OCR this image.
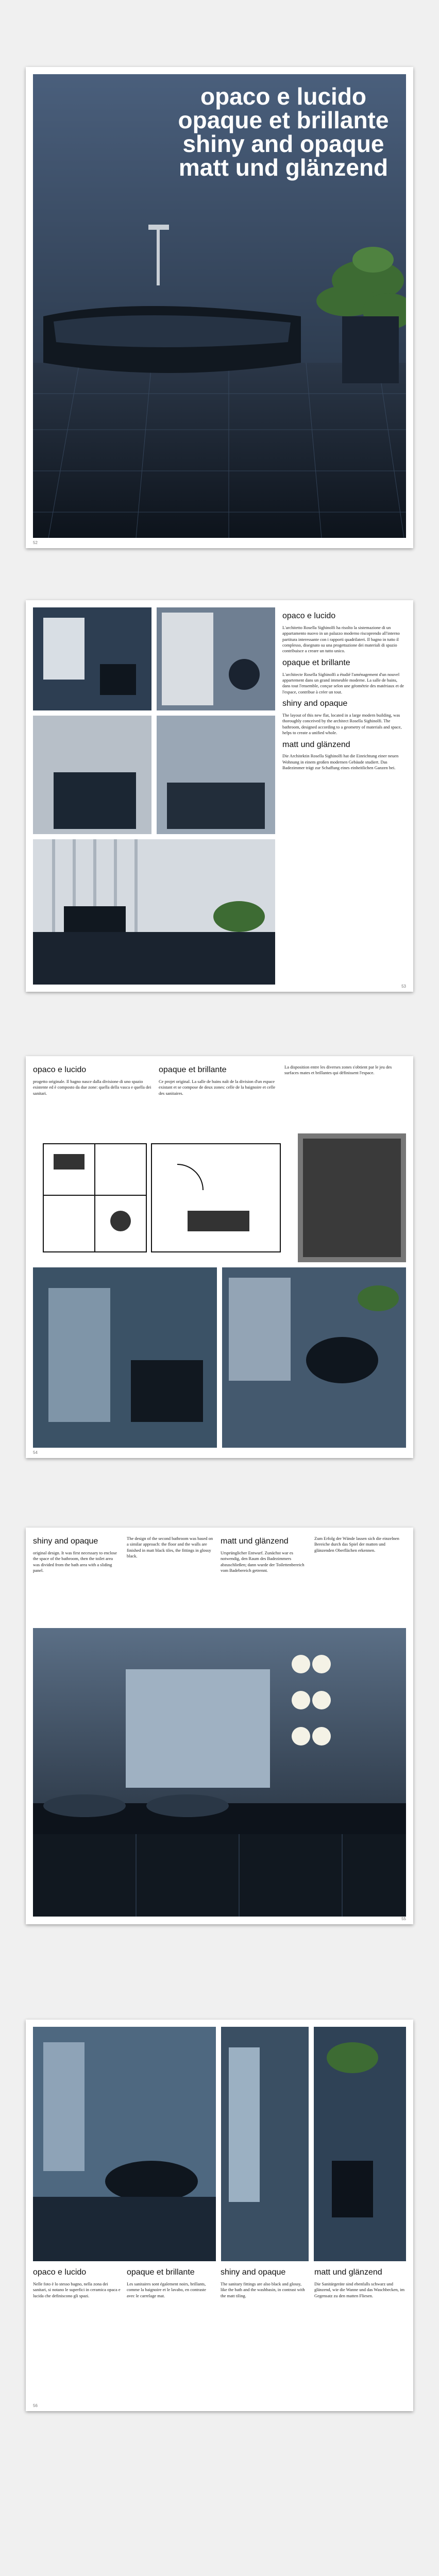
opaco e lucido
opaque et brillante
shiny and opaque
matt und glänzend
52
opaco e lucido

L'architetto Rosella Sighinolfi ha risolto la sistemazione di un appartamento nuovo in un palazzo moderno riscoprendo all'interno partitura interessante con i rapporti quadrilateri. Il bagno in tutto il complesso, disegnato su una progettazione dei materiali di spazio contribuisce a creare un tutto unico.

opaque et brillante

L'architecte Rosella Sighinolfi a étudié l'aménagement d'un nouvel appartement dans un grand immeuble moderne. La salle de bains, dans tout l'ensemble, conçue selon une géométrie des matériaux et de l'espace, contribue à créer un tout.

shiny and opaque

The layout of this new flat, located in a large modern building, was thoroughly conceived by the architect Rosella Sighinolfi. The bathroom, designed according to a geometry of materials and space, helps to create a unified whole.

matt und glänzend

Die Architektin Rosella Sighinolfi hat die Einrichtung einer neuen Wohnung in einem großen modernen Gebäude studiert. Das Badezimmer trägt zur Schaffung eines einheitlichen Ganzen bei.

53
opaco e lucido

progetto originale. Il bagno nasce dalla divisione di uno spazio esistente ed è composto da due zone: quella della vasca e quella dei sanitari.

opaque et brillante

Ce projet original. La salle de bains naît de la division d'un espace existant et se compose de deux zones: celle de la baignoire et celle des sanitaires.

La disposition entre les diverses zones s'obtient par le jeu des surfaces mates et brillantes qui définissent l'espace.

54
shiny and opaque

original design. It was first necessary to enclose the space of the bathroom, then the toilet area was divided from the bath area with a sliding panel.

The design of the second bathroom was based on a similar approach: the floor and the walls are finished in matt black tiles, the fittings in glossy black.

matt und glänzend

Ursprünglicher Entwurf. Zunächst war es notwendig, den Raum des Badezimmers abzuschließen; dann wurde der Toilettenbereich vom Badebereich getrennt.

Zum Erfolg der Wände lassen sich die einzelnen Bereiche durch das Spiel der matten und glänzenden Oberflächen erkennen.

55
opaco e lucido

Nelle foto è lo stesso bagno, nella zona dei sanitari, si notano le superfici in ceramica opaca e lucida che definiscono gli spazi.

opaque et brillante

Les sanitaires sont également noirs, brillants, comme la baignoire et le lavabo, en contraste avec le carrelage mat.

shiny and opaque

The sanitary fittings are also black and glossy, like the bath and the washbasin, in contrast with the matt tiling.

matt und glänzend

Die Sanitärgeräte sind ebenfalls schwarz und glänzend, wie die Wanne und das Waschbecken, im Gegensatz zu den matten Fliesen.

56
